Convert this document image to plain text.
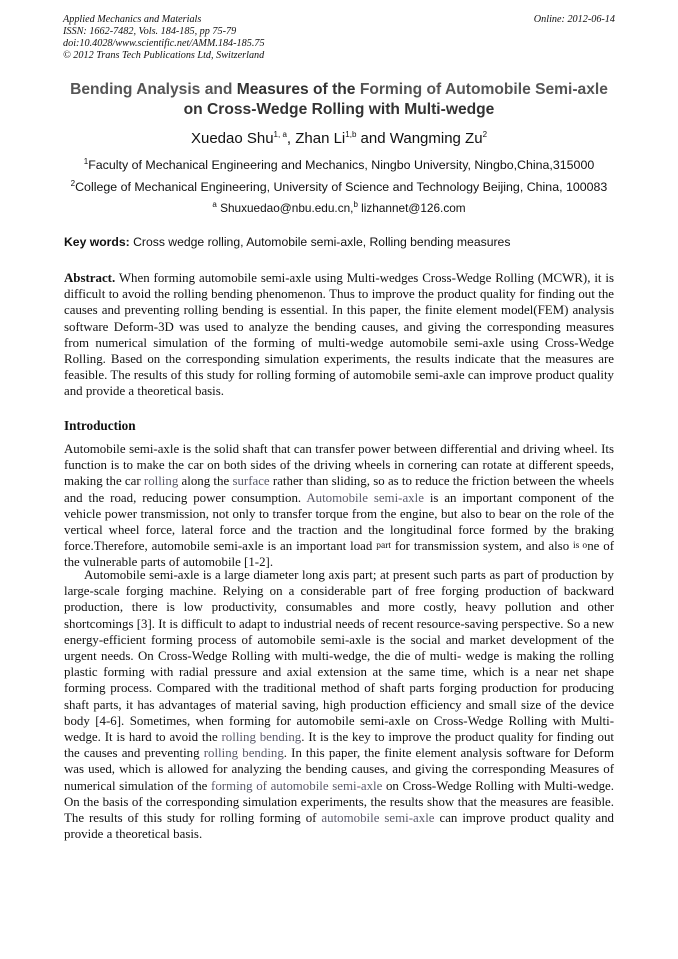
Applied Mechanics and Materials
ISSN: 1662-7482, Vols. 184-185, pp 75-79
doi:10.4028/www.scientific.net/AMM.184-185.75
© 2012 Trans Tech Publications Ltd, Switzerland
Online: 2012-06-14
Bending Analysis and Measures of the Forming of Automobile Semi-axle
on Cross-Wedge Rolling with Multi-wedge
Xuedao Shu$^{1, a}$, Zhan Li$^{1,b}$ and Wangming Zu$^2$
$^1$Faculty of Mechanical Engineering and Mechanics, Ningbo University, Ningbo,China,315000
$^2$College of Mechanical Engineering, University of Science and Technology Beijing, China, 100083
$^a$ Shuxuedao@nbu.edu.cn,$^b$ lizhannet@126.com
Key words: Cross wedge rolling, Automobile semi-axle, Rolling bending measures
Abstract. When forming automobile semi-axle using Multi-wedges Cross-Wedge Rolling (MCWR), it is difficult to avoid the rolling bending phenomenon. Thus to improve the product quality for finding out the causes and preventing rolling bending is essential. In this paper, the finite element model(FEM) analysis software Deform-3D was used to analyze the bending causes, and giving the corresponding measures from numerical simulation of the forming of multi-wedge automobile semi-axle using Cross-Wedge Rolling. Based on the corresponding simulation experiments, the results indicate that the measures are feasible. The results of this study for rolling forming of automobile semi-axle can improve product quality and provide a theoretical basis.
Introduction
Automobile semi-axle is the solid shaft that can transfer power between differential and driving wheel. Its function is to make the car on both sides of the driving wheels in cornering can rotate at different speeds, making the car rolling along the surface rather than sliding, so as to reduce the friction between the wheels and the road, reducing power consumption. Automobile semi-axle is an important component of the vehicle power transmission, not only to transfer torque from the engine, but also to bear on the role of the vertical wheel force, lateral force and the traction and the longitudinal force formed by the braking force.Therefore, automobile semi-axle is an important load $^{part}$ for transmission system, and also $^{is o}$ne of the vulnerable parts of automobile [1-2].
Automobile semi-axle is a large diameter long axis part; at present such parts as part of production by large-scale forging machine. Relying on a considerable part of free forging production of backward production, there is low productivity, consumables and more costly, heavy pollution and other shortcomings [3]. It is difficult to adapt to industrial needs of recent resource-saving perspective. So a new energy-efficient forming process of automobile semi-axle is the social and market development of the urgent needs. On Cross-Wedge Rolling with multi-wedge, the die of multi- wedge is making the rolling plastic forming with radial pressure and axial extension at the same time, which is a near net shape forming process. Compared with the traditional method of shaft parts forging production for producing shaft parts, it has advantages of material saving, high production efficiency and small size of the device body [4-6]. Sometimes, when forming for automobile semi-axle on Cross-Wedge Rolling with Multi-wedge. It is hard to avoid the rolling bending. It is the key to improve the product quality for finding out the causes and preventing rolling bending. In this paper, the finite element analysis software for Deform was used, which is allowed for analyzing the bending causes, and giving the corresponding Measures of numerical simulation of the forming of automobile semi-axle on Cross-Wedge Rolling with Multi-wedge. On the basis of the corresponding simulation experiments, the results show that the measures are feasible. The results of this study for rolling forming of automobile semi-axle can improve product quality and provide a theoretical basis.
